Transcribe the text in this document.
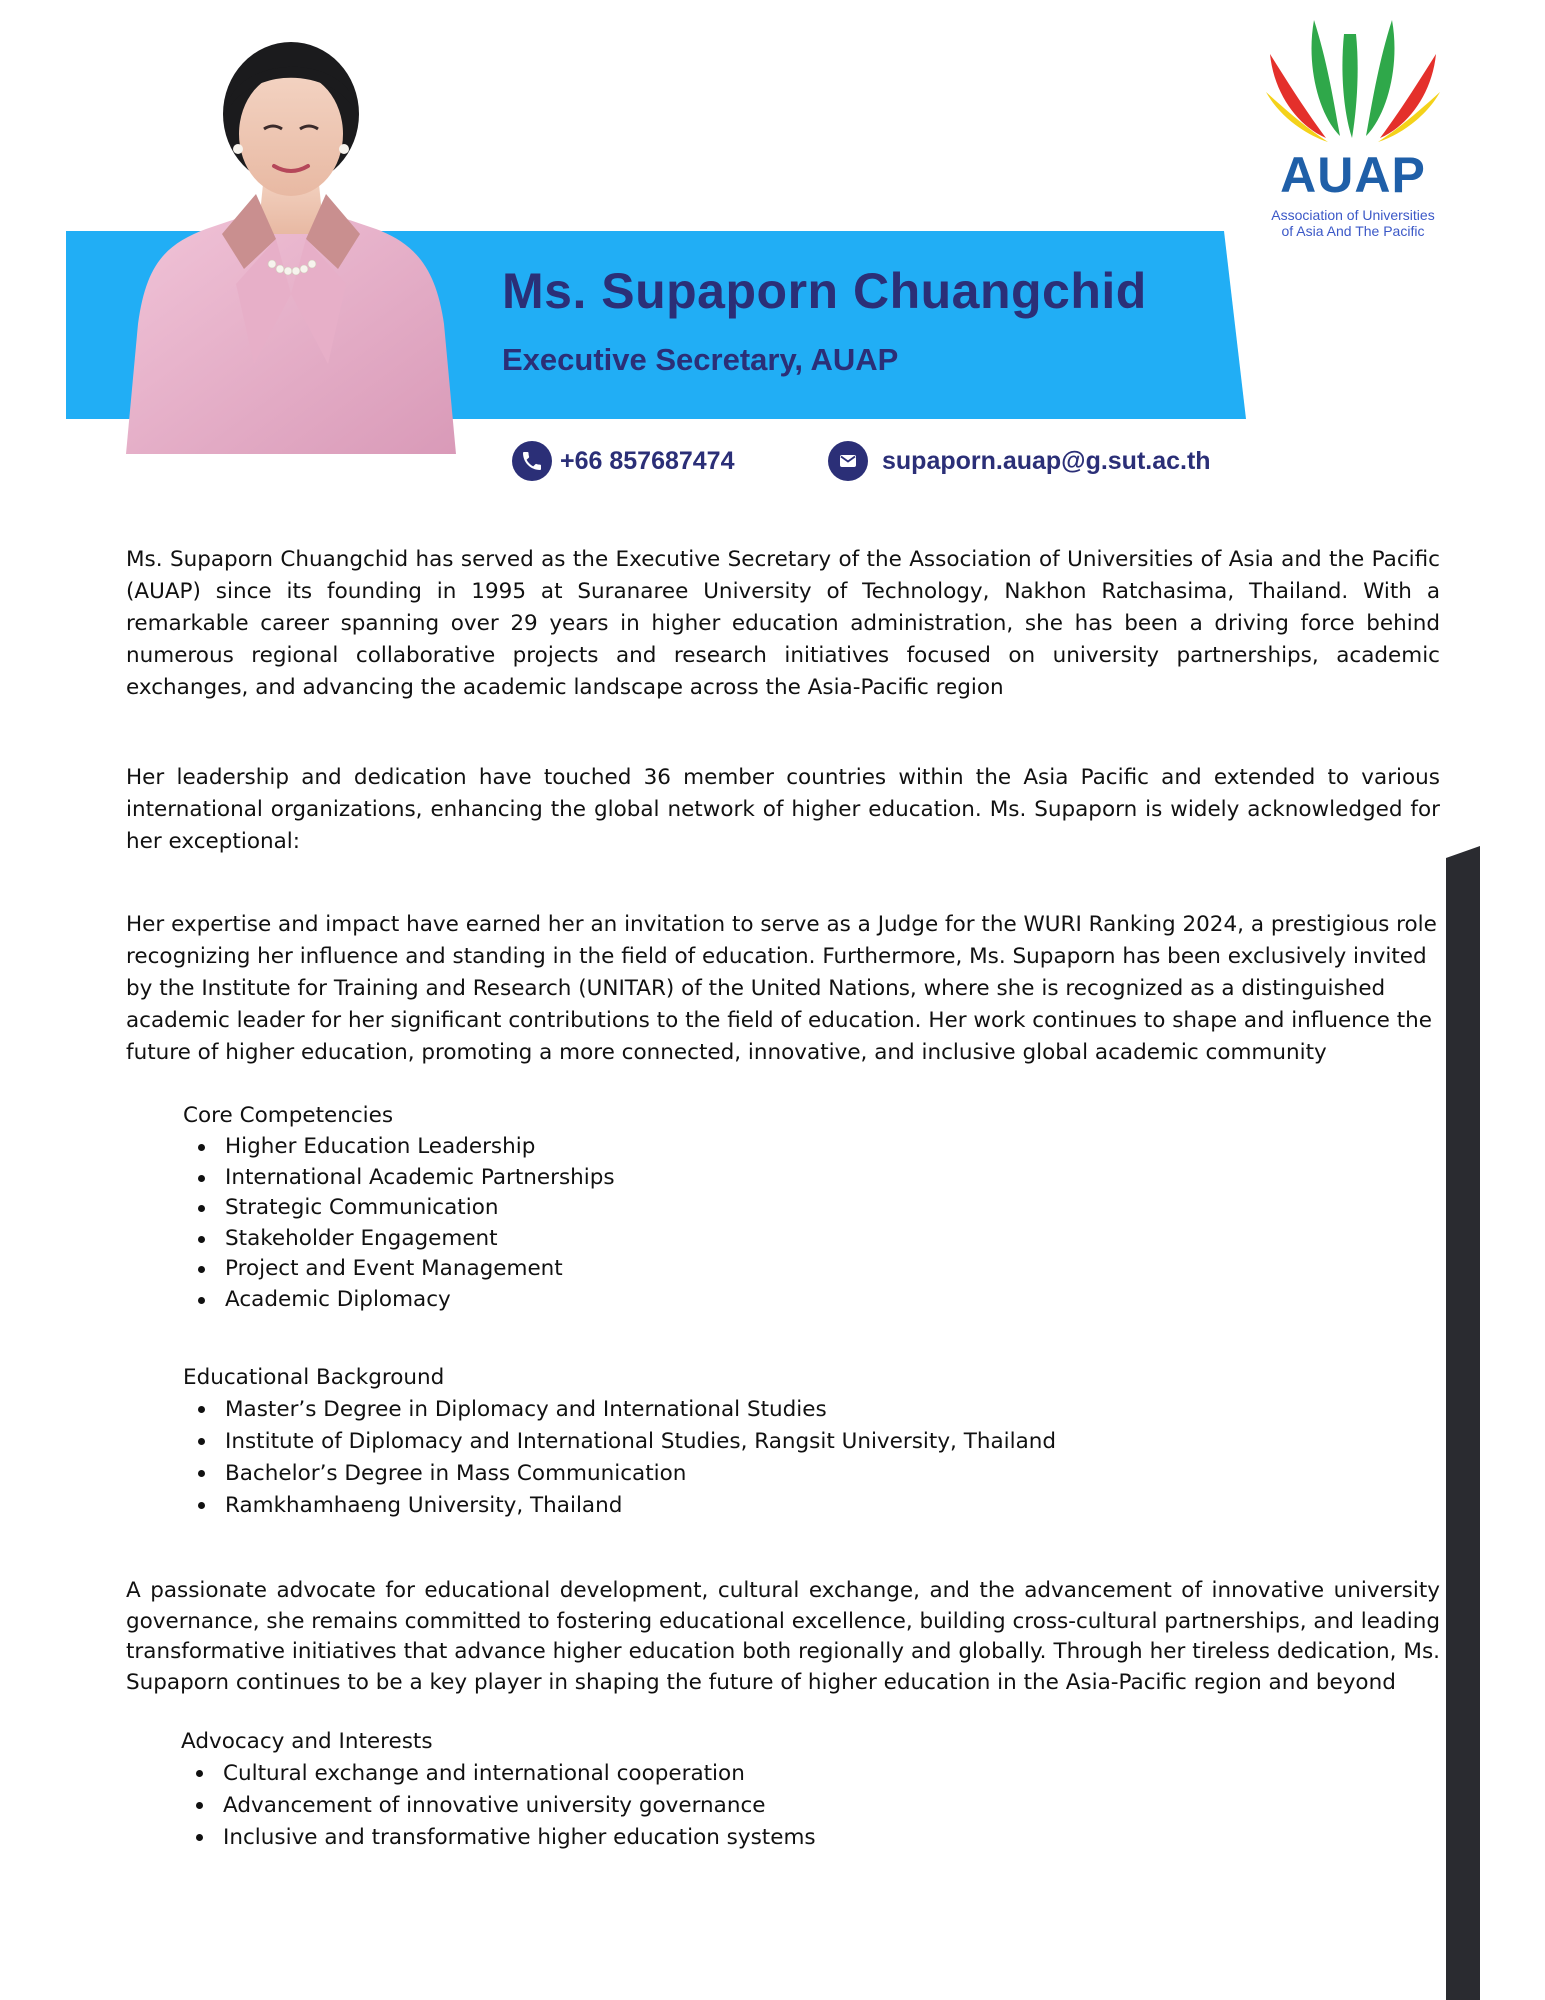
Ms. Supaporn Chuangchid
Executive Secretary, AUAP
+66 857687474	supaporn.auap@g.sut.ac.th
AUAP
Association of Universities
of Asia And The Pacific

Ms. Supaporn Chuangchid has served as the Executive Secretary of the Association of Universities of Asia and the Pacific (AUAP) since its founding in 1995 at Suranaree University of Technology, Nakhon Ratchasima, Thailand. With a remarkable career spanning over 29 years in higher education administration, she has been a driving force behind numerous regional collaborative projects and research initiatives focused on university partnerships, academic exchanges, and advancing the academic landscape across the Asia-Pacific region

Her leadership and dedication have touched 36 member countries within the Asia Pacific and extended to various international organizations, enhancing the global network of higher education. Ms. Supaporn is widely acknowledged for her exceptional:

Her expertise and impact have earned her an invitation to serve as a Judge for the WURI Ranking 2024, a prestigious role recognizing her influence and standing in the field of education. Furthermore, Ms. Supaporn has been exclusively invited by the Institute for Training and Research (UNITAR) of the United Nations, where she is recognized as a distinguished academic leader for her significant contributions to the field of education. Her work continues to shape and influence the future of higher education, promoting a more connected, innovative, and inclusive global academic community

Core Competencies
Higher Education Leadership
International Academic Partnerships
Strategic Communication
Stakeholder Engagement
Project and Event Management
Academic Diplomacy
Educational Background
Master’s Degree in Diplomacy and International Studies
Institute of Diplomacy and International Studies, Rangsit University, Thailand
Bachelor’s Degree in Mass Communication
Ramkhamhaeng University, Thailand

A passionate advocate for educational development, cultural exchange, and the advancement of innovative university governance, she remains committed to fostering educational excellence, building cross-cultural partnerships, and leading transformative initiatives that advance higher education both regionally and globally. Through her tireless dedication, Ms. Supaporn continues to be a key player in shaping the future of higher education in the Asia-Pacific region and beyond

Advocacy and Interests
Cultural exchange and international cooperation
Advancement of innovative university governance
Inclusive and transformative higher education systems
